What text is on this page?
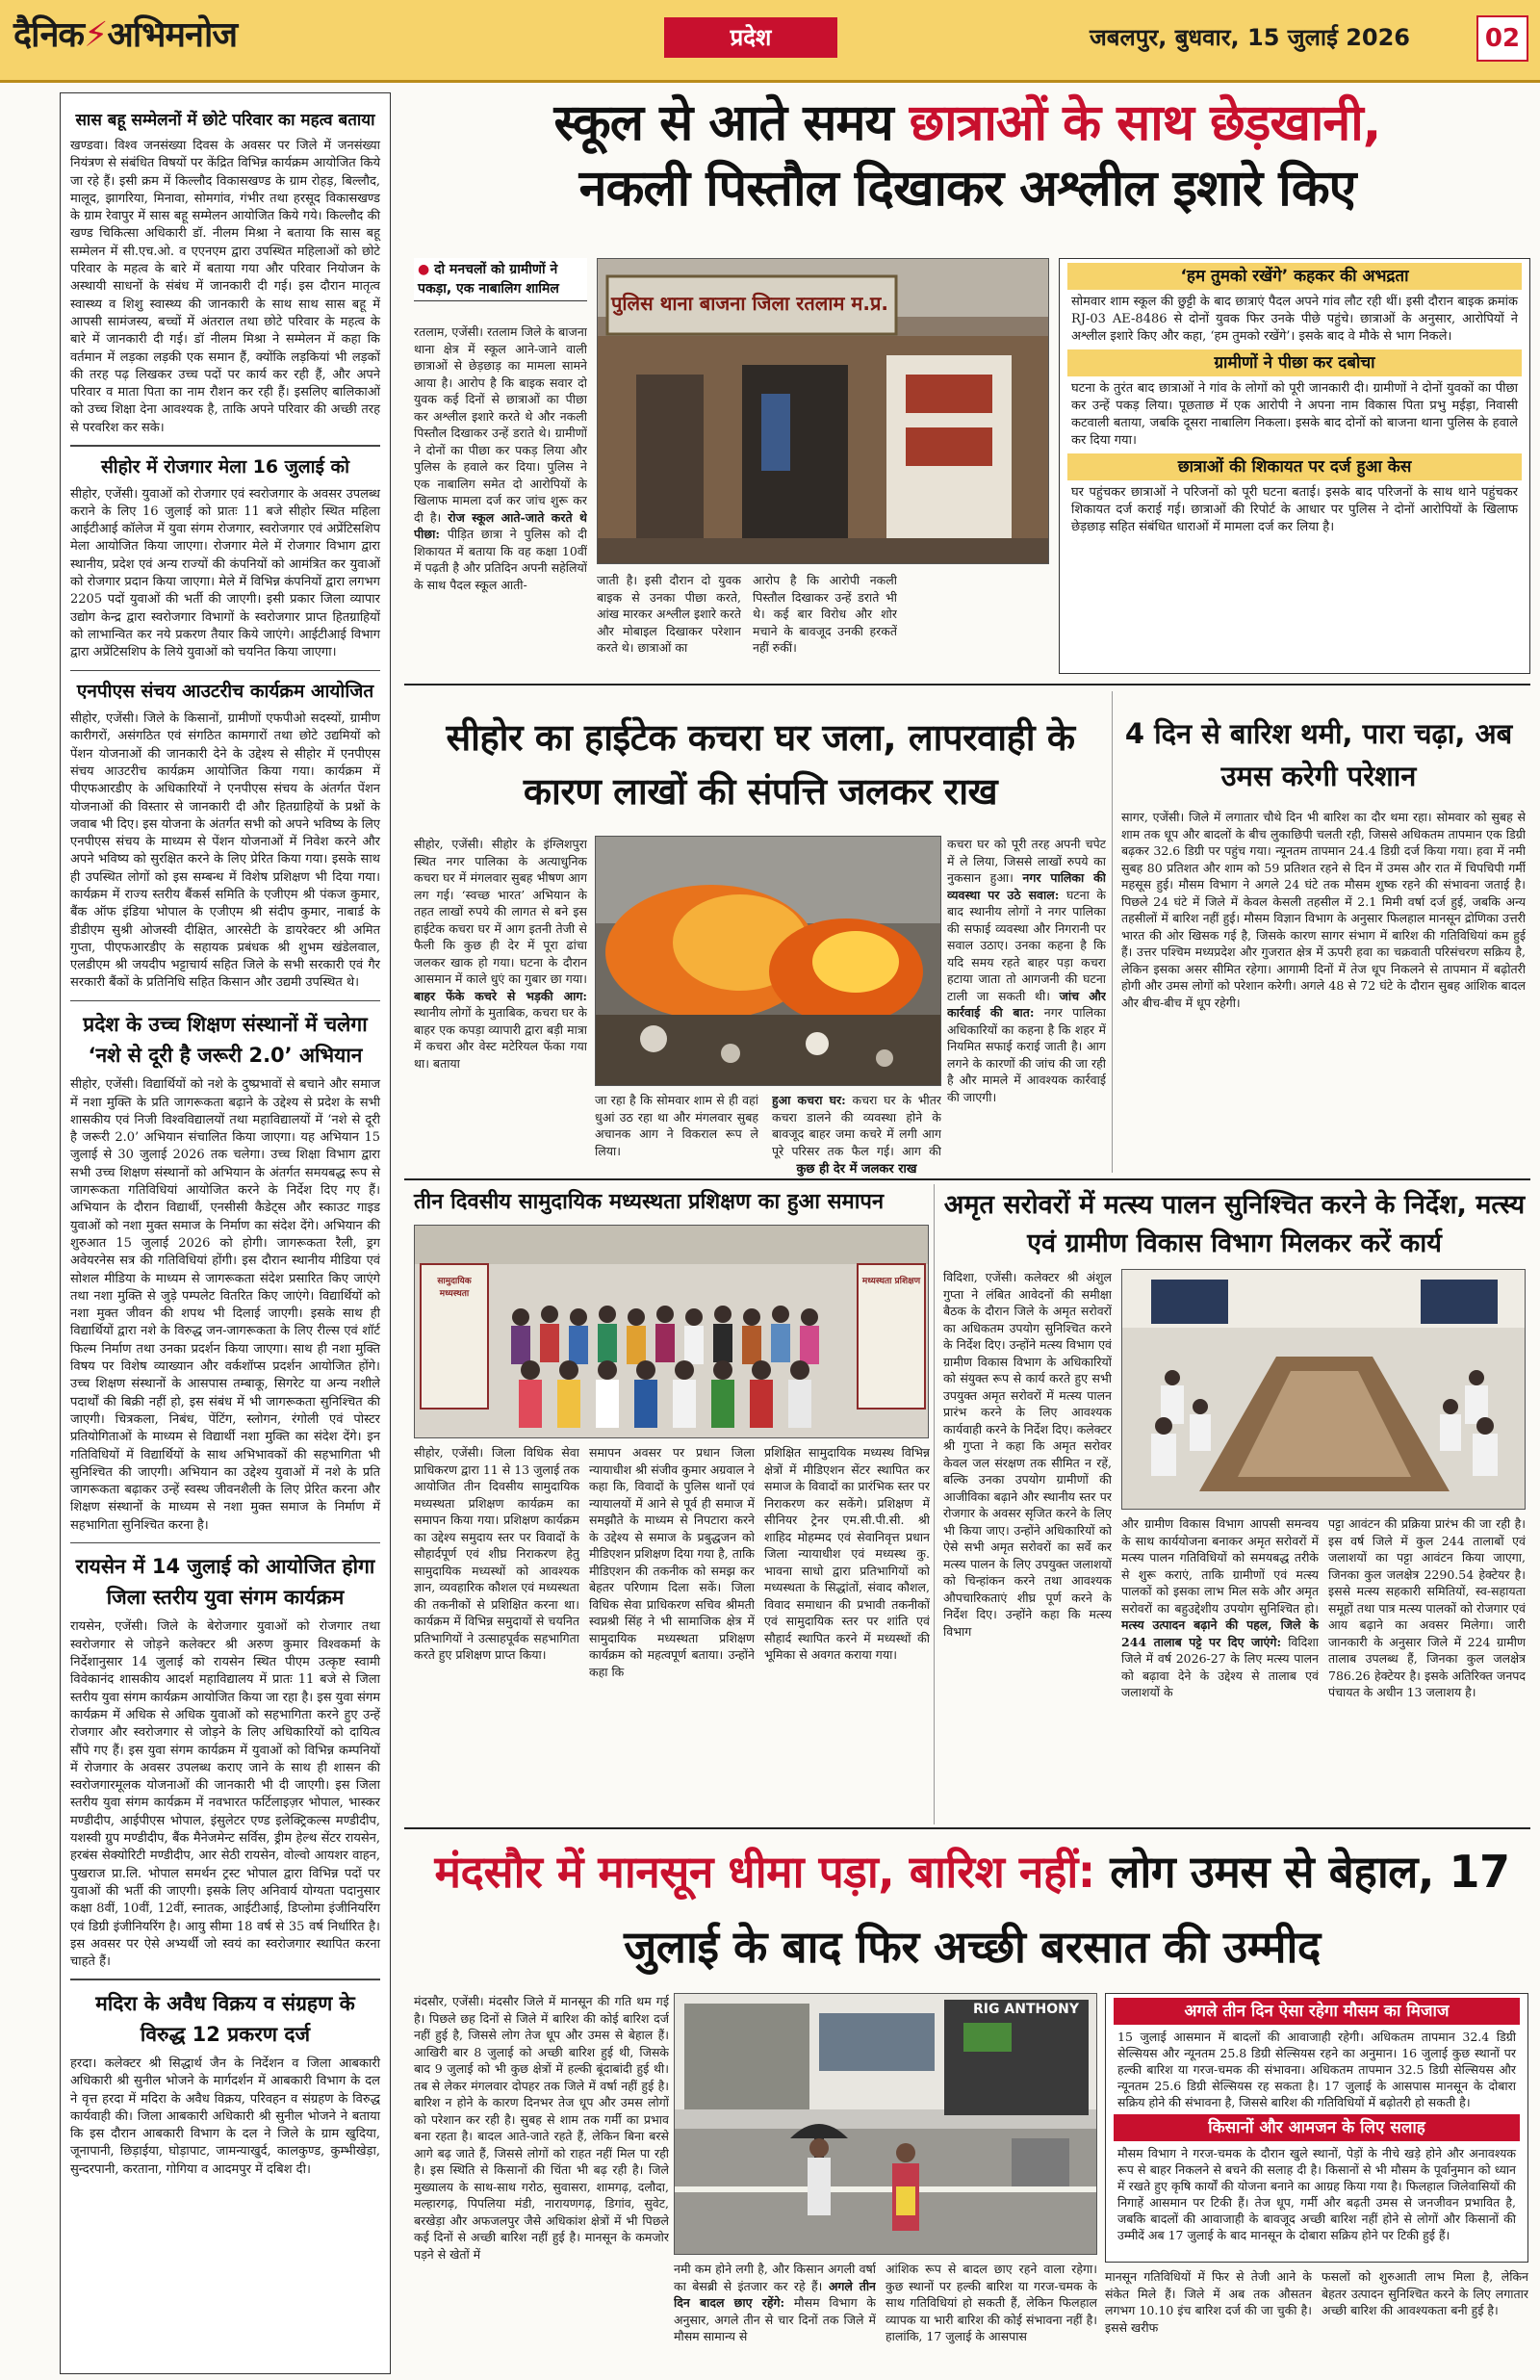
दैनिक⚡अभिमनोज	प्रदेश	जबलपुर, बुधवार, 15 जुलाई 2026	02
सास बहू सम्मेलनों में छोटे परिवार का महत्व बताया
खण्डवा। विश्व जनसंख्या दिवस के अवसर पर जिले में जनसंख्या नियंत्रण से संबंधित विषयों पर केंद्रित विभिन्न कार्यक्रम आयोजित किये जा रहे हैं। इसी क्रम में किल्लौद विकासखण्ड के ग्राम रोहड़, बिल्लौद, मालूद, झागरिया, मिनावा, सोमगांव, गंभीर तथा हरसूद विकासखण्ड के ग्राम रेवापुर में सास बहू सम्मेलन आयोजित किये गये। किल्लौद की खण्ड चिकित्सा अधिकारी डॉ. नीलम मिश्रा ने बताया कि सास बहू सम्मेलन में सी.एच.ओ. व एएनएम द्वारा उपस्थित महिलाओं को छोटे परिवार के महत्व के बारे में बताया गया और परिवार नियोजन के अस्थायी साधनों के संबंध में जानकारी दी गई। इस दौरान मातृत्व स्वास्थ्य व शिशु स्वास्थ्य की जानकारी के साथ साथ सास बहू में आपसी सामंजस्य, बच्चों में अंतराल तथा छोटे परिवार के महत्व के बारे में जानकारी दी गई। डॉ नीलम मिश्रा ने सम्मेलन में कहा कि वर्तमान में लड़का लड़की एक समान हैं, क्योंकि लड़कियां भी लड़कों की तरह पढ़ लिखकर उच्च पदों पर कार्य कर रही हैं, और अपने परिवार व माता पिता का नाम रौशन कर रही हैं। इसलिए बालिकाओं को उच्च शिक्षा देना आवश्यक है, ताकि अपने परिवार की अच्छी तरह से परवरिश कर सके।
सीहोर में रोजगार मेला 16 जुलाई को
सीहोर, एजेंसी। युवाओं को रोजगार एवं स्वरोजगार के अवसर उपलब्ध कराने के लिए 16 जुलाई को प्रातः 11 बजे सीहोर स्थित महिला आईटीआई कॉलेज में युवा संगम रोजगार, स्वरोजगार एवं अप्रेंटिसशिप मेला आयोजित किया जाएगा। रोजगार मेले में रोजगार विभाग द्वारा स्थानीय, प्रदेश एवं अन्य राज्यों की कंपनियों को आमंत्रित कर युवाओं को रोजगार प्रदान किया जाएगा। मेले में विभिन्न कंपनियों द्वारा लगभग 2205 पदों युवाओं की भर्ती की जाएगी। इसी प्रकार जिला व्यापार उद्योग केन्द्र द्वारा स्वरोजगार विभागों के स्वरोजगार प्राप्त हितग्राहियों को लाभान्वित कर नये प्रकरण तैयार किये जाएंगे। आईटीआई विभाग द्वारा अप्रेंटिसशिप के लिये युवाओं को चयनित किया जाएगा।
एनपीएस संचय आउटरीच कार्यक्रम आयोजित
सीहोर, एजेंसी। जिले के किसानों, ग्रामीणों एफपीओ सदस्यों, ग्रामीण कारीगरों, असंगठित एवं संगठित कामगारों तथा छोटे उद्यमियों को पेंशन योजनाओं की जानकारी देने के उद्देश्य से सीहोर में एनपीएस संचय आउटरीच कार्यक्रम आयोजित किया गया। कार्यक्रम में पीएफआरडीए के अधिकारियों ने एनपीएस संचय के अंतर्गत पेंशन योजनाओं की विस्तार से जानकारी दी और हितग्राहियों के प्रश्नों के जवाब भी दिए। इस योजना के अंतर्गत सभी को अपने भविष्य के लिए एनपीएस संचय के माध्यम से पेंशन योजनाओं में निवेश करने और अपने भविष्य को सुरक्षित करने के लिए प्रेरित किया गया। इसके साथ ही उपस्थित लोगों को इस सम्बन्ध में विशेष प्रशिक्षण भी दिया गया। कार्यक्रम में राज्य स्तरीय बैंकर्स समिति के एजीएम श्री पंकज कुमार, बैंक ऑफ इंडिया भोपाल के एजीएम श्री संदीप कुमार, नाबार्ड के डीडीएम सुश्री ओजस्वी दीक्षित, आरसेटी के डायरेक्टर श्री अमित गुप्ता, पीएफआरडीए के सहायक प्रबंधक श्री शुभम खंडेलवाल, एलडीएम श्री जयदीप भट्टाचार्य सहित जिले के सभी सरकारी एवं गैर सरकारी बैंकों के प्रतिनिधि सहित किसान और उद्यमी उपस्थित थे।
प्रदेश के उच्च शिक्षण संस्थानों में चलेगा ‘नशे से दूरी है जरूरी 2.0’ अभियान
सीहोर, एजेंसी। विद्यार्थियों को नशे के दुष्प्रभावों से बचाने और समाज में नशा मुक्ति के प्रति जागरूकता बढ़ाने के उद्देश्य से प्रदेश के सभी शासकीय एवं निजी विश्वविद्यालयों तथा महाविद्यालयों में ‘नशे से दूरी है जरूरी 2.0’ अभियान संचालित किया जाएगा। यह अभियान 15 जुलाई से 30 जुलाई 2026 तक चलेगा। उच्च शिक्षा विभाग द्वारा सभी उच्च शिक्षण संस्थानों को अभियान के अंतर्गत समयबद्ध रूप से जागरूकता गतिविधियां आयोजित करने के निर्देश दिए गए हैं। अभियान के दौरान विद्यार्थी, एनसीसी कैडेट्स और स्काउट गाइड युवाओं को नशा मुक्त समाज के निर्माण का संदेश देंगे। अभियान की शुरुआत 15 जुलाई 2026 को होगी। जागरूकता रैली, ड्रग अवेयरनेस सत्र की गतिविधियां होंगी। इस दौरान स्थानीय मीडिया एवं सोशल मीडिया के माध्यम से जागरूकता संदेश प्रसारित किए जाएंगे तथा नशा मुक्ति से जुड़े पम्पलेट वितरित किए जाएंगे। विद्यार्थियों को नशा मुक्त जीवन की शपथ भी दिलाई जाएगी। इसके साथ ही विद्यार्थियों द्वारा नशे के विरुद्ध जन-जागरूकता के लिए रील्स एवं शॉर्ट फिल्म निर्माण तथा उनका प्रदर्शन किया जाएगा। साथ ही नशा मुक्ति विषय पर विशेष व्याख्यान और वर्कशॉप्स प्रदर्शन आयोजित होंगे। उच्च शिक्षण संस्थानों के आसपास तम्बाकू, सिगरेट या अन्य नशीले पदार्थों की बिक्री नहीं हो, इस संबंध में भी जागरूकता सुनिश्चित की जाएगी। चित्रकला, निबंध, पेंटिंग, स्लोगन, रंगोली एवं पोस्टर प्रतियोगिताओं के माध्यम से विद्यार्थी नशा मुक्ति का संदेश देंगे। इन गतिविधियों में विद्यार्थियों के साथ अभिभावकों की सहभागिता भी सुनिश्चित की जाएगी। अभियान का उद्देश्य युवाओं में नशे के प्रति जागरूकता बढ़ाकर उन्हें स्वस्थ जीवनशैली के लिए प्रेरित करना और शिक्षण संस्थानों के माध्यम से नशा मुक्त समाज के निर्माण में सहभागिता सुनिश्चित करना है।
रायसेन में 14 जुलाई को आयोजित होगा जिला स्तरीय युवा संगम कार्यक्रम
रायसेन, एजेंसी। जिले के बेरोजगार युवाओं को रोजगार तथा स्वरोजगार से जोड़ने कलेक्टर श्री अरुण कुमार विश्वकर्मा के निर्देशानुसार 14 जुलाई को रायसेन स्थित पीएम उत्कृष्ट स्वामी विवेकानंद शासकीय आदर्श महाविद्यालय में प्रातः 11 बजे से जिला स्तरीय युवा संगम कार्यक्रम आयोजित किया जा रहा है। इस युवा संगम कार्यक्रम में अधिक से अधिक युवाओं को सहभागिता करने हुए उन्हें रोजगार और स्वरोजगार से जोड़ने के लिए अधिकारियों को दायित्व सौंपे गए हैं। इस युवा संगम कार्यक्रम में युवाओं को विभिन्न कम्पनियों में रोजगार के अवसर उपलब्ध कराए जाने के साथ ही शासन की स्वरोजगारमूलक योजनाओं की जानकारी भी दी जाएगी। इस जिला स्तरीय युवा संगम कार्यक्रम में नवभारत फर्टिलाइज़र भोपाल, भास्कर मण्डीदीप, आईपीएस भोपाल, इंसुलेटर एण्ड इलेक्ट्रिकल्स मण्डीदीप, यशस्वी ग्रुप मण्डीदीप, बैंक मैनेजमेन्ट सर्विस, ड्रीम हेल्थ सेंटर रायसेन, हरबंस सेक्योरिटी मण्डीदीप, आर सेठी रायसेन, वोल्वो आयशर वाहन, पुखराज प्रा.लि. भोपाल समर्थन ट्रस्ट भोपाल द्वारा विभिन्न पदों पर युवाओं की भर्ती की जाएगी। इसके लिए अनिवार्य योग्यता पदानुसार कक्षा 8वीं, 10वीं, 12वीं, स्नातक, आईटीआई, डिप्लोमा इंजीनियरिंग एवं डिग्री इंजीनियरिंग है। आयु सीमा 18 वर्ष से 35 वर्ष निर्धारित है। इस अवसर पर ऐसे अभ्यर्थी जो स्वयं का स्वरोजगार स्थापित करना चाहते हैं।
मदिरा के अवैध विक्रय व संग्रहण के विरुद्ध 12 प्रकरण दर्ज
हरदा। कलेक्टर श्री सिद्धार्थ जैन के निर्देशन व जिला आबकारी अधिकारी श्री सुनील भोजने के मार्गदर्शन में आबकारी विभाग के दल ने वृत्त हरदा में मदिरा के अवैध विक्रय, परिवहन व संग्रहण के विरुद्ध कार्यवाही की। जिला आबकारी अधिकारी श्री सुनील भोजने ने बताया कि इस दौरान आबकारी विभाग के दल ने जिले के ग्राम खुदिया, जूनापानी, छिड़ाईया, घोड़ापाट, जामन्याखुर्द, कालकुण्ड, कुम्भीखेड़ा, सुन्दरपानी, करताना, गोगिया व आदमपुर में दबिश दी।
स्कूल से आते समय छात्राओं के साथ छेड़खानी,
नकली पिस्तौल दिखाकर अश्लील इशारे किए
● दो मनचलों को ग्रामीणों ने पकड़ा, एक नाबालिग शामिल
पुलिस थाना बाजना जिला रतलाम म.प्र.
रतलाम, एजेंसी। रतलाम जिले के बाजना थाना क्षेत्र में स्कूल आने-जाने वाली छात्राओं से छेड़छाड़ का मामला सामने आया है। आरोप है कि बाइक सवार दो युवक कई दिनों से छात्राओं का पीछा कर अश्लील इशारे करते थे और नकली पिस्तौल दिखाकर उन्हें डराते थे। ग्रामीणों ने दोनों का पीछा कर पकड़ लिया और पुलिस के हवाले कर दिया। पुलिस ने एक नाबालिग समेत दो आरोपियों के खिलाफ मामला दर्ज कर जांच शुरू कर दी है। रोज स्कूल आते-जाते करते थे पीछा: पीड़ित छात्रा ने पुलिस को दी शिकायत में बताया कि वह कक्षा 10वीं में पढ़ती है और प्रतिदिन अपनी सहेलियों के साथ पैदल स्कूल आती-	जाती है। इसी दौरान दो युवक बाइक से उनका पीछा करते, आंख मारकर अश्लील इशारे करते और मोबाइल दिखाकर परेशान करते थे। छात्राओं का
आरोप है कि आरोपी नकली पिस्तौल दिखाकर उन्हें डराते भी थे। कई बार विरोध और शोर मचाने के बावजूद उनकी हरकतें नहीं रुकीं।
‘हम तुमको रखेंगे’ कहकर की अभद्रता
सोमवार शाम स्कूल की छुट्टी के बाद छात्राएं पैदल अपने गांव लौट रही थीं। इसी दौरान बाइक क्रमांक RJ-03 AE-8486 से दोनों युवक फिर उनके पीछे पहुंचे। छात्राओं के अनुसार, आरोपियों ने अश्लील इशारे किए और कहा, ‘हम तुमको रखेंगे’। इसके बाद वे मौके से भाग निकले।
ग्रामीणों ने पीछा कर दबोचा
घटना के तुरंत बाद छात्राओं ने गांव के लोगों को पूरी जानकारी दी। ग्रामीणों ने दोनों युवकों का पीछा कर उन्हें पकड़ लिया। पूछताछ में एक आरोपी ने अपना नाम विकास पिता प्रभु मईड़ा, निवासी कटवाली बताया, जबकि दूसरा नाबालिग निकला। इसके बाद दोनों को बाजना थाना पुलिस के हवाले कर दिया गया।
छात्राओं की शिकायत पर दर्ज हुआ केस
घर पहुंचकर छात्राओं ने परिजनों को पूरी घटना बताई। इसके बाद परिजनों के साथ थाने पहुंचकर शिकायत दर्ज कराई गई। छात्राओं की रिपोर्ट के आधार पर पुलिस ने दोनों आरोपियों के खिलाफ छेड़छाड़ सहित संबंधित धाराओं में मामला दर्ज कर लिया है।
सीहोर का हाईटेक कचरा घर जला, लापरवाही के कारण लाखों की संपत्ति जलकर राख
सीहोर, एजेंसी। सीहोर के इंग्लिशपुरा स्थित नगर पालिका के अत्याधुनिक कचरा घर में मंगलवार सुबह भीषण आग लग गई। ‘स्वच्छ भारत’ अभियान के तहत लाखों रुपये की लागत से बने इस हाईटेक कचरा घर में आग इतनी तेजी से फैली कि कुछ ही देर में पूरा ढांचा जलकर खाक हो गया। घटना के दौरान आसमान में काले धुएं का गुबार छा गया। बाहर फेंके कचरे से भड़की आग: स्थानीय लोगों के मुताबिक, कचरा घर के बाहर एक कपड़ा व्यापारी द्वारा बड़ी मात्रा में कचरा और वेस्ट मटेरियल फेंका गया था। बताया
जा रहा है कि सोमवार शाम से ही वहां धुआं उठ रहा था और मंगलवार सुबह अचानक आग ने विकराल रूप ले लिया।
हुआ कचरा घर: कचरा घर के भीतर कचरा डालने की व्यवस्था होने के बावजूद बाहर जमा कचरे में लगी आग पूरे परिसर तक फैल गई। आग की
कुछ ही देर में जलकर राख
कचरा घर को पूरी तरह अपनी चपेट में ले लिया, जिससे लाखों रुपये का नुकसान हुआ। नगर पालिका की व्यवस्था पर उठे सवाल: घटना के बाद स्थानीय लोगों ने नगर पालिका की सफाई व्यवस्था और निगरानी पर सवाल उठाए। उनका कहना है कि यदि समय रहते बाहर पड़ा कचरा हटाया जाता तो आगजनी की घटना टाली जा सकती थी। जांच और कार्रवाई की बात: नगर पालिका अधिकारियों का कहना है कि शहर में नियमित सफाई कराई जाती है। आग लगने के कारणों की जांच की जा रही है और मामले में आवश्यक कार्रवाई की जाएगी।
4 दिन से बारिश थमी, पारा चढ़ा, अब उमस करेगी परेशान
सागर, एजेंसी। जिले में लगातार चौथे दिन भी बारिश का दौर थमा रहा। सोमवार को सुबह से शाम तक धूप और बादलों के बीच लुकाछिपी चलती रही, जिससे अधिकतम तापमान एक डिग्री बढ़कर 32.6 डिग्री पर पहुंच गया। न्यूनतम तापमान 24.4 डिग्री दर्ज किया गया। हवा में नमी सुबह 80 प्रतिशत और शाम को 59 प्रतिशत रहने से दिन में उमस और रात में चिपचिपी गर्मी महसूस हुई। मौसम विभाग ने अगले 24 घंटे तक मौसम शुष्क रहने की संभावना जताई है। पिछले 24 घंटे में जिले में केवल केसली तहसील में 2.1 मिमी वर्षा दर्ज हुई, जबकि अन्य तहसीलों में बारिश नहीं हुई। मौसम विज्ञान विभाग के अनुसार फिलहाल मानसून द्रोणिका उत्तरी भारत की ओर खिसक गई है, जिसके कारण सागर संभाग में बारिश की गतिविधियां कम हुई हैं। उत्तर पश्चिम मध्यप्रदेश और गुजरात क्षेत्र में ऊपरी हवा का चक्रवाती परिसंचरण सक्रिय है, लेकिन इसका असर सीमित रहेगा। आगामी दिनों में तेज धूप निकलने से तापमान में बढ़ोतरी होगी और उमस लोगों को परेशान करेगी। अगले 48 से 72 घंटे के दौरान सुबह आंशिक बादल और बीच-बीच में धूप रहेगी।
तीन दिवसीय सामुदायिक मध्यस्थता प्रशिक्षण का हुआ समापन
सामुदायिक मध्यस्थता
मध्यस्थता प्रशिक्षण
सीहोर, एजेंसी। जिला विधिक सेवा प्राधिकरण द्वारा 11 से 13 जुलाई तक आयोजित तीन दिवसीय सामुदायिक मध्यस्थता प्रशिक्षण कार्यक्रम का समापन किया गया। प्रशिक्षण कार्यक्रम का उद्देश्य समुदाय स्तर पर विवादों के सौहार्दपूर्ण एवं शीघ्र निराकरण हेतु सामुदायिक मध्यस्थों को आवश्यक ज्ञान, व्यवहारिक कौशल एवं मध्यस्थता की तकनीकों से प्रशिक्षित करना था। कार्यक्रम में विभिन्न समुदायों से चयनित प्रतिभागियों ने उत्साहपूर्वक सहभागिता करते हुए प्रशिक्षण प्राप्त किया।
समापन अवसर पर प्रधान जिला न्यायाधीश श्री संजीव कुमार अग्रवाल ने कहा कि, विवादों के पुलिस थानों एवं न्यायालयों में आने से पूर्व ही समाज में समझौते के माध्यम से निपटारा करने के उद्देश्य से समाज के प्रबुद्धजन को मीडिएशन प्रशिक्षण दिया गया है, ताकि मीडिएशन की तकनीक को समझ कर बेहतर परिणाम दिला सकें। जिला विधिक सेवा प्राधिकरण सचिव श्रीमती स्वप्नश्री सिंह ने भी सामाजिक क्षेत्र में सामुदायिक मध्यस्थता प्रशिक्षण कार्यक्रम को महत्वपूर्ण बताया। उन्होंने कहा कि
प्रशिक्षित सामुदायिक मध्यस्थ विभिन्न क्षेत्रों में मीडिएशन सेंटर स्थापित कर समाज के विवादों का प्रारंभिक स्तर पर निराकरण कर सकेंगे। प्रशिक्षण में सीनियर ट्रेनर एम.सी.पी.सी. श्री शाहिद मोहम्मद एवं सेवानिवृत्त प्रधान जिला न्यायाधीश एवं मध्यस्थ कु. भावना साधो द्वारा प्रतिभागियों को मध्यस्थता के सिद्धांतों, संवाद कौशल, विवाद समाधान की प्रभावी तकनीकों एवं सामुदायिक स्तर पर शांति एवं सौहार्द स्थापित करने में मध्यस्थों की भूमिका से अवगत कराया गया।
अमृत सरोवरों में मत्स्य पालन सुनिश्चित करने के निर्देश, मत्स्य एवं ग्रामीण विकास विभाग मिलकर करें कार्य
विदिशा, एजेंसी। कलेक्टर श्री अंशुल गुप्ता ने लंबित आवेदनों की समीक्षा बैठक के दौरान जिले के अमृत सरोवरों का अधिकतम उपयोग सुनिश्चित करने के निर्देश दिए। उन्होंने मत्स्य विभाग एवं ग्रामीण विकास विभाग के अधिकारियों को संयुक्त रूप से कार्य करते हुए सभी उपयुक्त अमृत सरोवरों में मत्स्य पालन प्रारंभ करने के लिए आवश्यक कार्यवाही करने के निर्देश दिए। कलेक्टर श्री गुप्ता ने कहा कि अमृत सरोवर केवल जल संरक्षण तक सीमित न रहें, बल्कि उनका उपयोग ग्रामीणों की आजीविका बढ़ाने और स्थानीय स्तर पर रोजगार के अवसर सृजित करने के लिए भी किया जाए। उन्होंने अधिकारियों को ऐसे सभी अमृत सरोवरों का सर्वे कर मत्स्य पालन के लिए उपयुक्त जलाशयों को चिन्हांकन करने तथा आवश्यक औपचारिकताएं शीघ्र पूर्ण करने के निर्देश दिए। उन्होंने कहा कि मत्स्य विभाग
और ग्रामीण विकास विभाग आपसी समन्वय के साथ कार्ययोजना बनाकर अमृत सरोवरों में मत्स्य पालन गतिविधियों को समयबद्ध तरीके से शुरू कराएं, ताकि ग्रामीणों एवं मत्स्य पालकों को इसका लाभ मिल सके और अमृत सरोवरों का बहुउद्देशीय उपयोग सुनिश्चित हो। मत्स्य उत्पादन बढ़ाने की पहल, जिले के 244 तालाब पट्टे पर दिए जाएंगे: विदिशा जिले में वर्ष 2026-27 के लिए मत्स्य पालन को बढ़ावा देने के उद्देश्य से तालाब एवं जलाशयों के
पट्टा आवंटन की प्रक्रिया प्रारंभ की जा रही है। इस वर्ष जिले में कुल 244 तालाबों एवं जलाशयों का पट्टा आवंटन किया जाएगा, जिनका कुल जलक्षेत्र 2290.54 हेक्टेयर है। इससे मत्स्य सहकारी समितियों, स्व-सहायता समूहों तथा पात्र मत्स्य पालकों को रोजगार एवं आय बढ़ाने का अवसर मिलेगा। जारी जानकारी के अनुसार जिले में 224 ग्रामीण तालाब उपलब्ध हैं, जिनका कुल जलक्षेत्र 786.26 हेक्टेयर है। इसके अतिरिक्त जनपद पंचायत के अधीन 13 जलाशय है।
मंदसौर में मानसून धीमा पड़ा, बारिश नहीं: लोग उमस से बेहाल, 17 जुलाई के बाद फिर अच्छी बरसात की उम्मीद
मंदसौर, एजेंसी। मंदसौर जिले में मानसून की गति थम गई है। पिछले छह दिनों से जिले में बारिश की कोई बारिश दर्ज नहीं हुई है, जिससे लोग तेज धूप और उमस से बेहाल हैं। आखिरी बार 8 जुलाई को अच्छी बारिश हुई थी, जिसके बाद 9 जुलाई को भी कुछ क्षेत्रों में हल्की बूंदाबांदी हुई थी। तब से लेकर मंगलवार दोपहर तक जिले में वर्षा नहीं हुई है। बारिश न होने के कारण दिनभर तेज धूप और उमस लोगों को परेशान कर रही है। सुबह से शाम तक गर्मी का प्रभाव बना रहता है। बादल आते-जाते रहते हैं, लेकिन बिना बरसे आगे बढ़ जाते हैं, जिससे लोगों को राहत नहीं मिल पा रही है। इस स्थिति से किसानों की चिंता भी बढ़ रही है। जिले मुख्यालय के साथ-साथ गरोठ, सुवासरा, शामगढ़, दलौदा, मल्हारगढ़, पिपलिया मंडी, नारायणगढ़, डिगांव, सुवेट, बरखेड़ा और अफजलपुर जैसे अधिकांश क्षेत्रों में भी पिछले कई दिनों से अच्छी बारिश नहीं हुई है। मानसून के कमजोर पड़ने से खेतों में
RIG ANTHONY
नमी कम होने लगी है, और किसान अगली वर्षा का बेसब्री से इंतजार कर रहे हैं। अगले तीन दिन बादल छाए रहेंगे: मौसम विभाग के अनुसार, अगले तीन से चार दिनों तक जिले में मौसम सामान्य से
आंशिक रूप से बादल छाए रहने वाला रहेगा। कुछ स्थानों पर हल्की बारिश या गरज-चमक के साथ गतिविधियां हो सकती हैं, लेकिन फिलहाल व्यापक या भारी बारिश की कोई संभावना नहीं है। हालांकि, 17 जुलाई के आसपास
अगले तीन दिन ऐसा रहेगा मौसम का मिजाज
15 जुलाई आसमान में बादलों की आवाजाही रहेगी। अधिकतम तापमान 32.4 डिग्री सेल्सियस और न्यूनतम 25.8 डिग्री सेल्सियस रहने का अनुमान। 16 जुलाई कुछ स्थानों पर हल्की बारिश या गरज-चमक की संभावना। अधिकतम तापमान 32.5 डिग्री सेल्सियस और न्यूनतम 25.6 डिग्री सेल्सियस रह सकता है। 17 जुलाई के आसपास मानसून के दोबारा सक्रिय होने की संभावना है, जिससे बारिश की गतिविधियों में बढ़ोतरी हो सकती है।
किसानों और आमजन के लिए सलाह
मौसम विभाग ने गरज-चमक के दौरान खुले स्थानों, पेड़ों के नीचे खड़े होने और अनावश्यक रूप से बाहर निकलने से बचने की सलाह दी है। किसानों से भी मौसम के पूर्वानुमान को ध्यान में रखते हुए कृषि कार्यों की योजना बनाने का आग्रह किया गया है। फिलहाल जिलेवासियों की निगाहें आसमान पर टिकी हैं। तेज धूप, गर्मी और बढ़ती उमस से जनजीवन प्रभावित है, जबकि बादलों की आवाजाही के बावजूद अच्छी बारिश नहीं होने से लोगों और किसानों की उम्मीदें अब 17 जुलाई के बाद मानसून के दोबारा सक्रिय होने पर टिकी हुई हैं।
मानसून गतिविधियों में फिर से तेजी आने के संकेत मिले हैं। जिले में अब तक औसतन लगभग 10.10 इंच बारिश दर्ज की जा चुकी है। इससे खरीफ
फसलों को शुरुआती लाभ मिला है, लेकिन बेहतर उत्पादन सुनिश्चित करने के लिए लगातार अच्छी बारिश की आवश्यकता बनी हुई है।
